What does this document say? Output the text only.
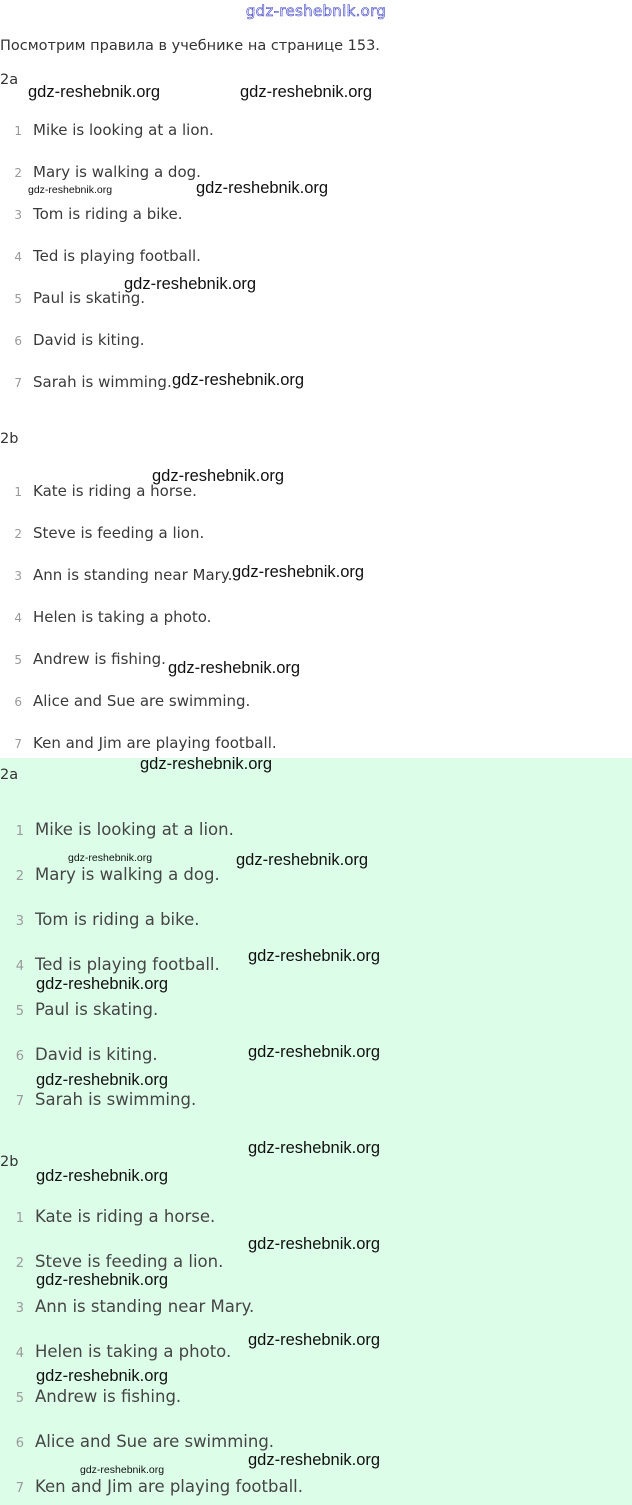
gdz-reshebnik.org
Посмотрим правила в учебнике на странице 153.
2a
1 Mike is looking at a lion.
2 Mary is walking a dog.
3 Tom is riding a bike.
4 Ted is playing football.
5 Paul is skating.
6 David is kiting.
7 Sarah is wimming.
2b
1 Kate is riding a horse.
2 Steve is feeding a lion.
3 Ann is standing near Mary.
4 Helen is taking a photo.
5 Andrew is fishing.
6 Alice and Sue are swimming.
7 Ken and Jim are playing football.
2a
1 Mike is looking at a lion.
2 Mary is walking a dog.
3 Tom is riding a bike.
4 Ted is playing football.
5 Paul is skating.
6 David is kiting.
7 Sarah is swimming.
2b
1 Kate is riding a horse.
2 Steve is feeding a lion.
3 Ann is standing near Mary.
4 Helen is taking a photo.
5 Andrew is fishing.
6 Alice and Sue are swimming.
7 Ken and Jim are playing football.
gdz-reshebnik.org	gdz-reshebnik.org
gdz-reshebnik.org	gdz-reshebnik.org
gdz-reshebnik.org
gdz-reshebnik.org
gdz-reshebnik.org
gdz-reshebnik.org
gdz-reshebnik.org
gdz-reshebnik.org
gdz-reshebnik.org	gdz-reshebnik.org
gdz-reshebnik.org
gdz-reshebnik.org
gdz-reshebnik.org
gdz-reshebnik.org
gdz-reshebnik.org
gdz-reshebnik.org
gdz-reshebnik.org
gdz-reshebnik.org
gdz-reshebnik.org
gdz-reshebnik.org
gdz-reshebnik.org
gdz-reshebnik.org
